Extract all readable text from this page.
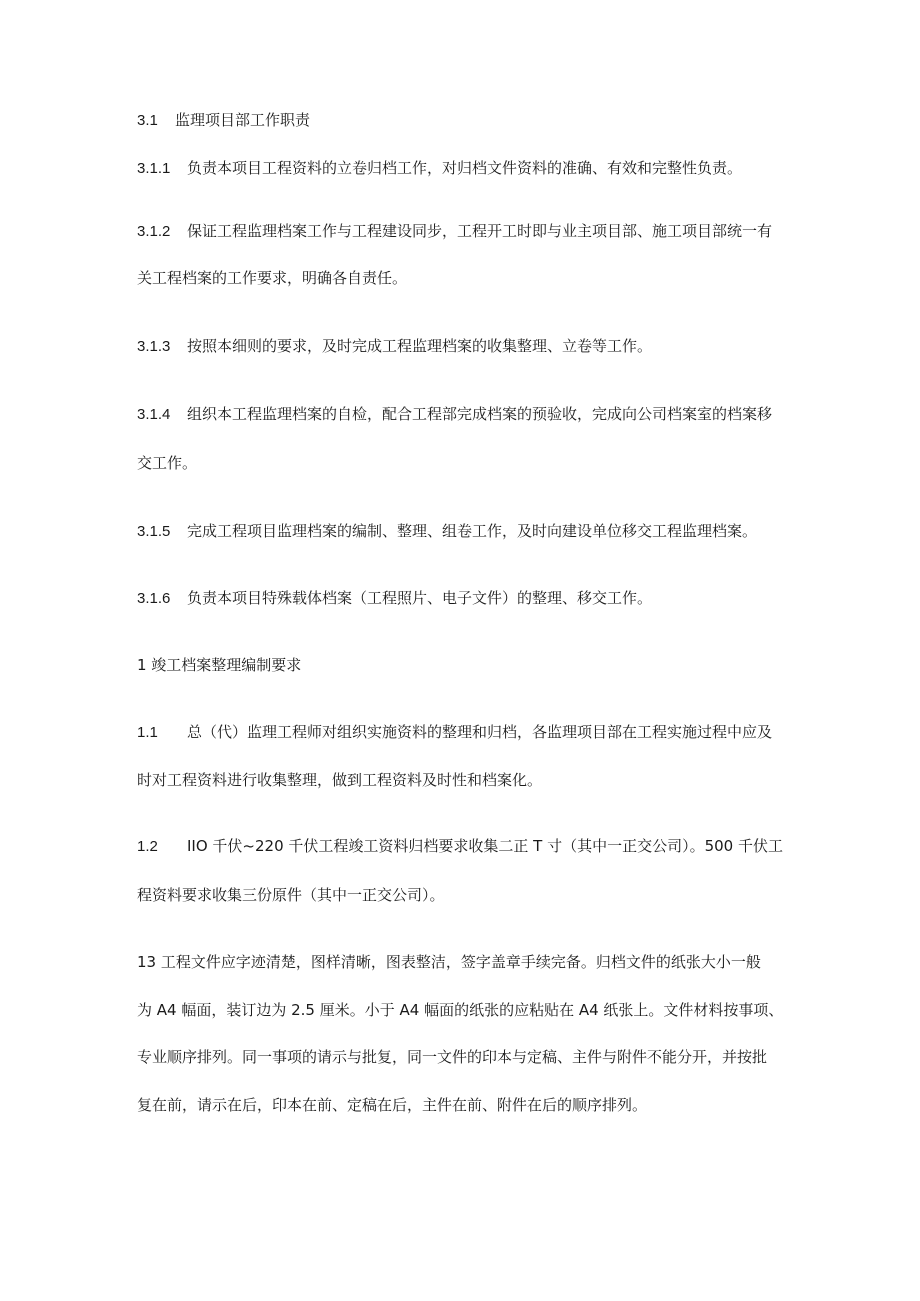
3.1 监理项目部工作职责

3.1.1 负责本项目工程资料的立卷归档工作，对归档文件资料的准确、有效和完整性负责。

3.1.2 保证工程监理档案工作与工程建设同步，工程开工时即与业主项目部、施工项目部统一有

关工程档案的工作要求，明确各自责任。

3.1.3 按照本细则的要求，及时完成工程监理档案的收集整理、立卷等工作。

3.1.4 组织本工程监理档案的自检，配合工程部完成档案的预验收，完成向公司档案室的档案移

交工作。

3.1.5 完成工程项目监理档案的编制、整理、组卷工作，及时向建设单位移交工程监理档案。

3.1.6 负责本项目特殊载体档案（工程照片、电子文件）的整理、移交工作。

1 竣工档案整理编制要求

1.1 总（代）监理工程师对组织实施资料的整理和归档，各监理项目部在工程实施过程中应及

时对工程资料进行收集整理，做到工程资料及时性和档案化。

1.2 IIO 千伏~220 千伏工程竣工资料归档要求收集二正 T 寸（其中一正交公司）。500 千伏工

程资料要求收集三份原件（其中一正交公司）。

13 工程文件应字迹清楚，图样清晰，图表整洁，签字盖章手续完备。归档文件的纸张大小一般

为 A4 幅面，装订边为 2.5 厘米。小于 A4 幅面的纸张的应粘贴在 A4 纸张上。文件材料按事项、

专业顺序排列。同一事项的请示与批复，同一文件的印本与定稿、主件与附件不能分开，并按批

复在前，请示在后，印本在前、定稿在后，主件在前、附件在后的顺序排列。
